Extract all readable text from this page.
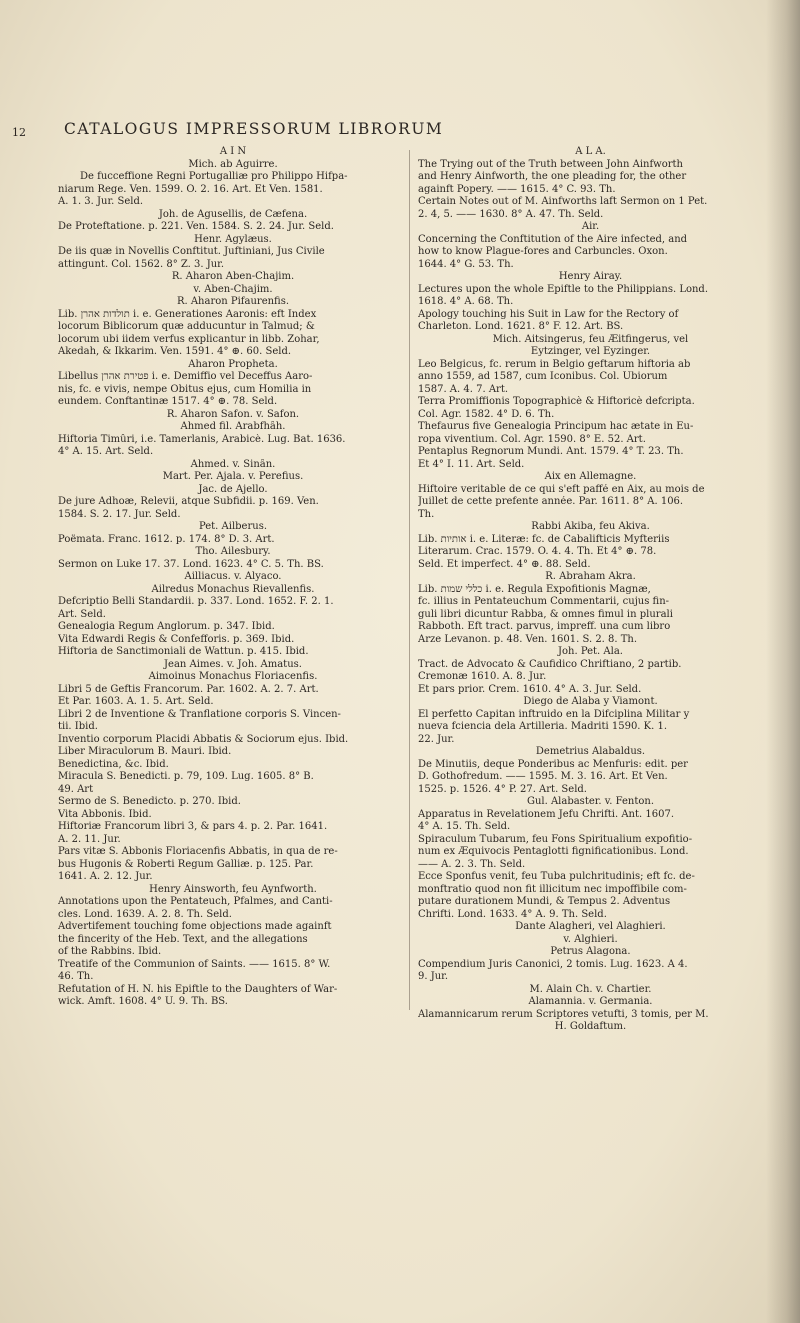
12 CATALOGUS IMPRESSORUM LIBRORUM
A I N
Mich. ab Aguirre.
De fucceffione Regni Portugalliæ pro Philippo Hifpa-
niarum Rege. Ven. 1599. O. 2. 16. Art. Et Ven. 1581.
A. 1. 3. Jur. Seld.
Joh. de Agusellis, de Cæfena.
De Proteftatione. p. 221. Ven. 1584. S. 2. 24. Jur. Seld.
Henr. Agylæus.
De iis quæ in Novellis Conftitut. Juftiniani, Jus Civile
attingunt. Col. 1562. 8° Z. 3. Jur.
R. Aharon Aben-Chajim.
v. Aben-Chajim.
R. Aharon Pifaurenfis.
Lib. תולדות אהרן i. e. Generationes Aaronis: eft Index
locorum Biblicorum quæ adducuntur in Talmud; &
locorum ubi iidem verfus explicantur in libb. Zohar,
Akedah, & Ikkarim. Ven. 1591. 4° ⊕. 60. Seld.
Aharon Propheta.
Libellus פטירת אהרן i. e. Demiffio vel Deceffus Aaro-
nis, fc. e vivis, nempe Obitus ejus, cum Homilia in
eundem. Conftantinæ 1517. 4° ⊕. 78. Seld.
R. Aharon Safon. v. Safon.
Ahmed fil. Arabfhâh.
Hiftoria Timûri, i.e. Tamerlanis, Arabicè. Lug. Bat. 1636.
4° A. 15. Art. Seld.
Ahmed. v. Sinân.
Mart. Per. Ajala. v. Perefius.
Jac. de Ajello.
De jure Adhoæ, Relevii, atque Subfidii. p. 169. Ven.
1584. S. 2. 17. Jur. Seld.
Pet. Ailberus.
Poëmata. Franc. 1612. p. 174. 8° D. 3. Art.
Tho. Ailesbury.
Sermon on Luke 17. 37. Lond. 1623. 4° C. 5. Th. BS.
Ailliacus. v. Alyaco.
Ailredus Monachus Rievallenfis.
Defcriptio Belli Standardii. p. 337. Lond. 1652. F. 2. 1.
Art. Seld.
Genealogia Regum Anglorum. p. 347. Ibid.
Vita Edwardi Regis & Confefforis. p. 369. Ibid.
Hiftoria de Sanctimoniali de Wattun. p. 415. Ibid.
Jean Aimes. v. Joh. Amatus.
Aimoinus Monachus Floriacenfis.
Libri 5 de Geftis Francorum. Par. 1602. A. 2. 7. Art.
Et Par. 1603. A. 1. 5. Art. Seld.
Libri 2 de Inventione & Tranflatione corporis S. Vincen-
tii. Ibid.
Inventio corporum Placidi Abbatis & Sociorum ejus. Ibid.
Liber Miraculorum B. Mauri. Ibid.
Benedictina, &c. Ibid.
Miracula S. Benedicti. p. 79, 109. Lug. 1605. 8° B.
49. Art
Sermo de S. Benedicto. p. 270. Ibid.
Vita Abbonis. Ibid.
Hiftoriæ Francorum libri 3, & pars 4. p. 2. Par. 1641.
A. 2. 11. Jur.
Pars vitæ S. Abbonis Floriacenfis Abbatis, in qua de re-
bus Hugonis & Roberti Regum Galliæ. p. 125. Par.
1641. A. 2. 12. Jur.
Henry Ainsworth, feu Aynfworth.
Annotations upon the Pentateuch, Pfalmes, and Canti-
cles. Lond. 1639. A. 2. 8. Th. Seld.
Advertifement touching fome objections made againft
the fincerity of the Heb. Text, and the allegations
of the Rabbins. Ibid.
Treatife of the Communion of Saints. —— 1615. 8° W.
46. Th.
Refutation of H. N. his Epiftle to the Daughters of War-
wick. Amft. 1608. 4° U. 9. Th. BS.
A L A.
The Trying out of the Truth between John Ainfworth
and Henry Ainfworth, the one pleading for, the other
againft Popery. —— 1615. 4° C. 93. Th.
Certain Notes out of M. Ainfworths laft Sermon on 1 Pet.
2. 4, 5. —— 1630. 8° A. 47. Th. Seld.
Air.
Concerning the Conftitution of the Aire infected, and
how to know Plague-fores and Carbuncles. Oxon.
1644. 4° G. 53. Th.
Henry Airay.
Lectures upon the whole Epiftle to the Philippians. Lond.
1618. 4° A. 68. Th.
Apology touching his Suit in Law for the Rectory of
Charleton. Lond. 1621. 8° F. 12. Art. BS.
Mich. Aitsingerus, feu Æitfingerus, vel
Eytzinger, vel Eyzinger.
Leo Belgicus, fc. rerum in Belgio geftarum hiftoria ab
anno 1559, ad 1587, cum Iconibus. Col. Ubiorum
1587. A. 4. 7. Art.
Terra Promiffionis Topographicè & Hiftoricè defcripta.
Col. Agr. 1582. 4° D. 6. Th.
Thefaurus five Genealogia Principum hac ætate in Eu-
ropa viventium. Col. Agr. 1590. 8° E. 52. Art.
Pentaplus Regnorum Mundi. Ant. 1579. 4° T. 23. Th.
Et 4° I. 11. Art. Seld.
Aix en Allemagne.
Hiftoire veritable de ce qui s'eft paffé en Aix, au mois de
Juillet de cette prefente année. Par. 1611. 8° A. 106.
Th.
Rabbi Akiba, feu Akiva.
Lib. אותיות i. e. Literæ: fc. de Cabalifticis Myfteriis
Literarum. Crac. 1579. O. 4. 4. Th. Et 4° ⊕. 78.
Seld. Et imperfect. 4° ⊕. 88. Seld.
R. Abraham Akra.
Lib. כללי שמות i. e. Regula Expofitionis Magnæ,
fc. illius in Pentateuchum Commentarii, cujus fin-
guli libri dicuntur Rabba, & omnes fimul in plurali
Rabboth. Eft tract. parvus, impreff. una cum libro
Arze Levanon. p. 48. Ven. 1601. S. 2. 8. Th.
Joh. Pet. Ala.
Tract. de Advocato & Caufidico Chriftiano, 2 partib.
Cremonæ 1610. A. 8. Jur.
Et pars prior. Crem. 1610. 4° A. 3. Jur. Seld.
Diego de Alaba y Viamont.
El perfetto Capitan inftruido en la Difciplina Militar y
nueva fciencia dela Artilleria. Madriti 1590. K. 1.
22. Jur.
Demetrius Alabaldus.
De Minutiis, deque Ponderibus ac Menfuris: edit. per
D. Gothofredum. —— 1595. M. 3. 16. Art. Et Ven.
1525. p. 1526. 4° P. 27. Art. Seld.
Gul. Alabaster. v. Fenton.
Apparatus in Revelationem Jefu Chrifti. Ant. 1607.
4° A. 15. Th. Seld.
Spiraculum Tubarum, feu Fons Spiritualium expofitio-
num ex Æquivocis Pentaglotti fignificationibus. Lond.
—— A. 2. 3. Th. Seld.
Ecce Sponfus venit, feu Tuba pulchritudinis; eft fc. de-
monftratio quod non fit illicitum nec impoffibile com-
putare durationem Mundi, & Tempus 2. Adventus
Chrifti. Lond. 1633. 4° A. 9. Th. Seld.
Dante Alagheri, vel Alaghieri.
v. Alghieri.
Petrus Alagona.
Compendium Juris Canonici, 2 tomis. Lug. 1623. A 4.
9. Jur.
M. Alain Ch. v. Chartier.
Alamannia. v. Germania.
Alamannicarum rerum Scriptores vetufti, 3 tomis, per M.
H. Goldaftum.
